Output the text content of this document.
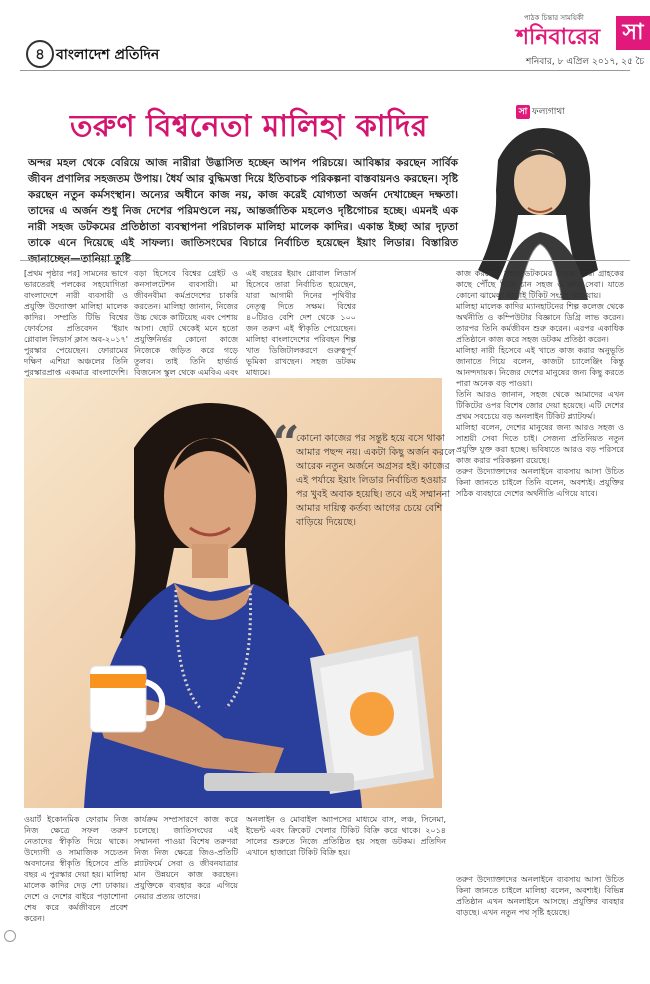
৪ বাংলাদেশ প্রতিদিন
পাঠক চিন্তার সাময়িকী
শনিবারের সা
শনিবার, ৮ এপ্রিল ২০১৭, ২৫ চৈ
তরুণ বিশ্বনেতা মালিহা কাদির	সা ফল্যগাথা
অন্দর মহল থেকে বেরিয়ে আজ নারীরা উদ্ভাসিত হচ্ছেন আপন পরিচয়ে। আবিষ্কার করছেন সার্বিক জীবন প্রণালির সহজতম উপায়। ধৈর্য আর বুদ্ধিমত্তা দিয়ে ইতিবাচক পরিকল্পনা বাস্তবায়নও করছেন। সৃষ্টি করছেন নতুন কর্মসংস্থান। অন্যের অধীনে কাজ নয়, কাজ করেই যোগ্যতা অর্জন দেখাচ্ছেন দক্ষতা। তাদের এ অর্জন শুধু নিজ দেশের পরিমণ্ডলে নয়, আন্তর্জাতিক মহলেও দৃষ্টিগোচর হচ্ছে। এমনই এক নারী সহজ ডটকমের প্রতিষ্ঠাতা ব্যবস্থাপনা পরিচালক মালিহা মালেক কাদির। একান্ত ইচ্ছা আর দৃঢ়তা তাকে এনে দিয়েছে এই সাফল্য। জাতিসংঘের বিচারে নির্বাচিত হয়েছেন ইয়াং লিডার। বিস্তারিত জানাচ্ছেন—তানিয়া তুষ্টি
[প্রথম পৃষ্ঠার পর] সামনের ভাগে ভারতেরই পলকের সহযোগিতা বাংলাদেশে নারী ব্যবসায়ী ও প্রযুক্তি উদ্যোক্তা মালিহা মালেক কাদির। সম্প্রতি টিভি বিশ্বের ফোর্বসের প্রতিবেদন 'ইয়াং গ্লোবাল লিডার্স ক্লাস অব-২০১৭' পুরস্কার পেয়েছেন। ফোরামের দক্ষিণ এশিয়া অঞ্চলের তিনি পুরস্কারপ্রাপ্ত একমাত্র বাংলাদেশি।
বড়া হিসেবে বিশ্বের গ্রেইট ও কনসালটেশন ব্যবসায়ী। মা জীবনবীমা কর্মপ্রদেশের চাকরি করতেন। মালিহা জানান, নিজের উচ্চ থেকে কাটিয়েছ এবং পেশায় আসা। ছোট থেকেই মনে হতো প্রযুক্তিনির্ভর কোনো কাজে নিজেকে জড়িত করে গড়ে তুলব। তাই তিনি হার্ভার্ড বিজনেস স্কুল থেকে এমবিএ এবং
এই বছরের ইয়াং গ্লোবাল লিডার্স হিসেবে তারা নির্বাচিত হয়েছেন, যারা আগামী দিনের পৃথিবীর নেতৃত্ব দিতে সক্ষম। বিশ্বের ৪০টিরও বেশি দেশ থেকে ১০০ জন তরুণ এই স্বীকৃতি পেয়েছেন। মালিহা বাংলাদেশের পরিবহন শিল্প খাত ডিজিটালকরণে গুরুত্বপূর্ণ ভূমিকা রাখছেন। সহজ ডটকম মাধ্যমে।
কাজ করছেন। সহজ ডটকমের সেবায় তারা গ্রাহকের কাছে পৌঁছে দিতে চান সহজ ও দ্রুত সেবা। যাতে কোনো ঝামেলা ছাড়াই টিকিট সংগ্রহ করা যায়।
মালিহা মালেক কাদির ম্যানহাটনের শিল্প কলেজ থেকে অর্থনীতি ও কম্পিউটার বিজ্ঞানে ডিগ্রি লাভ করেন। তারপর তিনি কর্মজীবন শুরু করেন। এরপর একাধিক প্রতিষ্ঠানে কাজ করে সহজ ডটকম প্রতিষ্ঠা করেন।
মালিহা নারী হিসেবে এই খাতে কাজ করার অনুভূতি জানাতে গিয়ে বলেন, কাজটা চ্যালেঞ্জিং কিন্তু আনন্দদায়ক। নিজের দেশের মানুষের জন্য কিছু করতে পারা অনেক বড় পাওয়া।
তিনি আরও জানান, সহজ থেকে আমাদের এখন টিকিটের ওপর বিশেষ জোর দেয়া হয়েছে। এটি দেশের প্রথম সবচেয়ে বড় অনলাইন টিকিট প্ল্যাটফর্ম।
মালিহা বলেন, দেশের মানুষের জন্য আরও সহজ ও সাশ্রয়ী সেবা দিতে চাই। সেজন্য প্রতিনিয়ত নতুন প্রযুক্তি যুক্ত করা হচ্ছে। ভবিষ্যতে আরও বড় পরিসরে কাজ করার পরিকল্পনা রয়েছে।
তরুণ উদ্যোক্তাদের অনলাইনে ব্যবসায় আসা উচিত কিনা জানতে চাইলে তিনি বলেন, অবশ্যই। প্রযুক্তির সঠিক ব্যবহারে দেশের অর্থনীতি এগিয়ে যাবে।
“
কোনো কাজের পর সন্তুষ্ট হয়ে বসে থাকা আমার পছন্দ নয়। একটা কিছু অর্জন করলে আরেক নতুন অর্জনে অগ্রসর হই। কাজের এই পর্যায়ে ইয়াং লিডার নির্বাচিত হওয়ার পর খুবই অবাক হয়েছি। তবে এই সম্মাননা আমার দায়িত্ব কর্তব্য আগের চেয়ে বেশি বাড়িয়ে দিয়েছে।
ওয়ার্ট ইকোনমিক ফোরাম নিজ নিজ ক্ষেত্রে সফল তরুণ নেতাদের স্বীকৃতি দিয়ে থাকে। উদ্যোগী ও সামাজিক সচেতন অবদানের স্বীকৃতি হিসেবে প্রতি বছর এ পুরস্কার দেয়া হয়। মালিহা মালেক কাদির দেড় শো ঢাকায়। দেশে ও দেশের বাইরে পড়াশোনা শেষ করে কর্মজীবনে প্রবেশ করেন।
কার্যক্রম সম্প্রসারণে কাজ করে চলেছে। জাতিসংঘের এই সম্মাননা পাওয়া বিশেষ তরুণরা নিজ নিজ ক্ষেত্রে জিও-প্রতিটি প্ল্যাটফর্মে সেবা ও জীবনযাত্রার মান উন্নয়নে কাজ করছেন। প্রযুক্তিকে ব্যবহার করে এগিয়ে নেয়ার প্রত্যয় তাদের।
অনলাইন ও মোবাইল অ্যাপসের মাধ্যমে বাস, লঞ্চ, সিনেমা, ইভেন্ট এবং ক্রিকেট খেলার টিকিট বিক্রি করে থাকে। ২০১৪ সালের শুরুতে নিজে প্রতিষ্ঠিত হয় সহজ ডটকম। প্রতিদিন এখানে হাজারো টিকিট বিক্রি হয়।
তরুণ উদ্যোক্তাদের অনলাইনে ব্যবসায় আসা উচিত কিনা জানতে চাইলে মালিহা বলেন, অবশ্যই। বিভিন্ন প্রতিষ্ঠান এখন অনলাইনে আসছে। প্রযুক্তির ব্যবহার বাড়ছে। এখন নতুন পথ সৃষ্টি হয়েছে।
